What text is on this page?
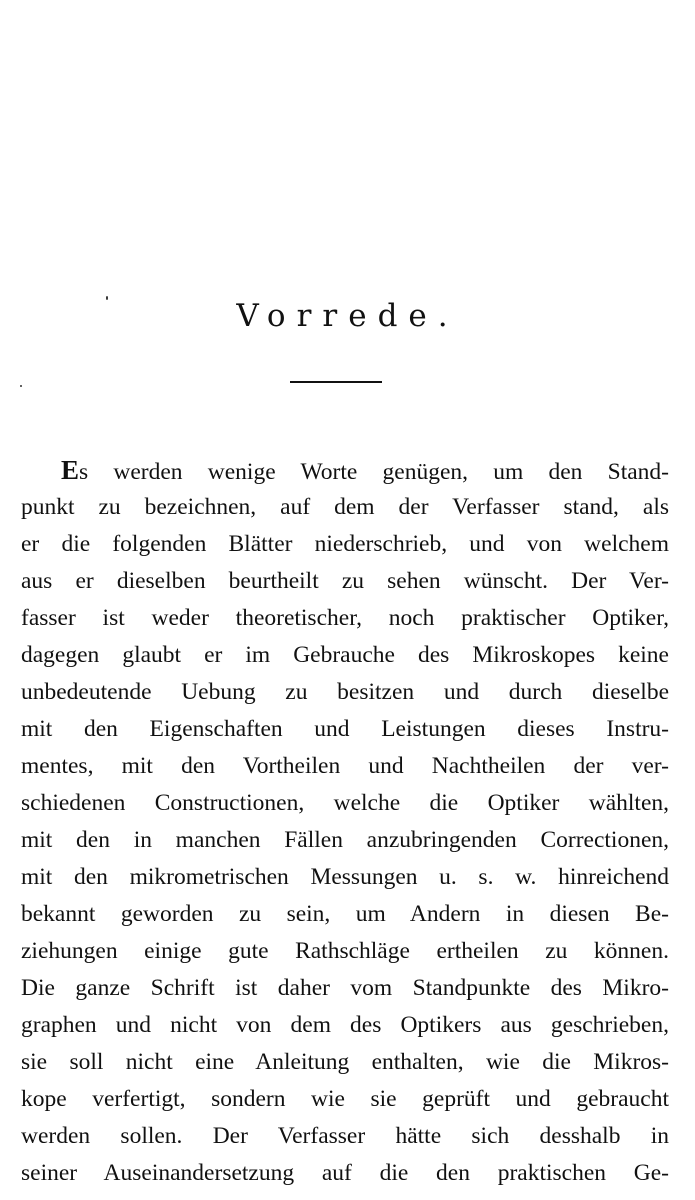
Vorrede.
Es werden wenige Worte genügen, um den Stand-
punkt zu bezeichnen, auf dem der Verfasser stand, als
er die folgenden Blätter niederschrieb, und von welchem
aus er dieselben beurtheilt zu sehen wünscht. Der Ver-
fasser ist weder theoretischer, noch praktischer Optiker,
dagegen glaubt er im Gebrauche des Mikroskopes keine
unbedeutende Uebung zu besitzen und durch dieselbe
mit den Eigenschaften und Leistungen dieses Instru-
mentes, mit den Vortheilen und Nachtheilen der ver-
schiedenen Constructionen, welche die Optiker wählten,
mit den in manchen Fällen anzubringenden Correctionen,
mit den mikrometrischen Messungen u. s. w. hinreichend
bekannt geworden zu sein, um Andern in diesen Be-
ziehungen einige gute Rathschläge ertheilen zu können.
Die ganze Schrift ist daher vom Standpunkte des Mikro-
graphen und nicht von dem des Optikers aus geschrieben,
sie soll nicht eine Anleitung enthalten, wie die Mikros-
kope verfertigt, sondern wie sie geprüft und gebraucht
werden sollen. Der Verfasser hätte sich desshalb in
seiner Auseinandersetzung auf die den praktischen Ge-
